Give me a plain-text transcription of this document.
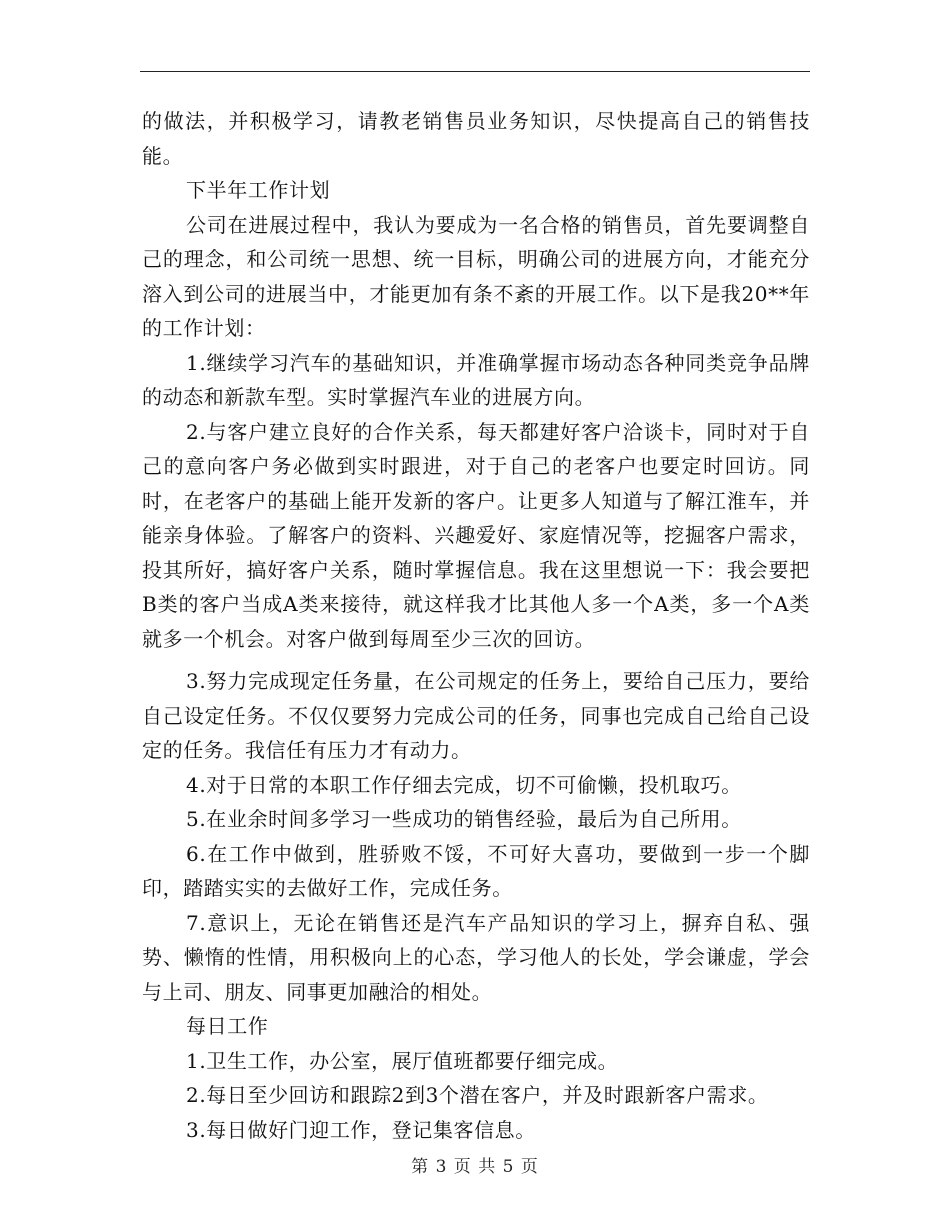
的做法，并积极学习，请教老销售员业务知识，尽快提高自己的销售技能。

下半年工作计划

公司在进展过程中，我认为要成为一名合格的销售员，首先要调整自己的理念，和公司统一思想、统一目标，明确公司的进展方向，才能充分溶入到公司的进展当中，才能更加有条不紊的开展工作。以下是我20**年的工作计划：

1.继续学习汽车的基础知识，并准确掌握市场动态各种同类竞争品牌的动态和新款车型。实时掌握汽车业的进展方向。

2.与客户建立良好的合作关系，每天都建好客户洽谈卡，同时对于自己的意向客户务必做到实时跟进，对于自己的老客户也要定时回访。同时，在老客户的基础上能开发新的客户。让更多人知道与了解江淮车，并能亲身体验。了解客户的资料、兴趣爱好、家庭情况等，挖掘客户需求，投其所好，搞好客户关系，随时掌握信息。我在这里想说一下：我会要把B类的客户当成A类来接待，就这样我才比其他人多一个A类，多一个A类就多一个机会。对客户做到每周至少三次的回访。

3.努力完成现定任务量，在公司规定的任务上，要给自己压力，要给自己设定任务。不仅仅要努力完成公司的任务，同事也完成自己给自己设定的任务。我信任有压力才有动力。

4.对于日常的本职工作仔细去完成，切不可偷懒，投机取巧。

5.在业余时间多学习一些成功的销售经验，最后为自己所用。

6.在工作中做到，胜骄败不馁，不可好大喜功，要做到一步一个脚印，踏踏实实的去做好工作，完成任务。

7.意识上，无论在销售还是汽车产品知识的学习上，摒弃自私、强势、懒惰的性情，用积极向上的心态，学习他人的长处，学会谦虚，学会与上司、朋友、同事更加融洽的相处。

每日工作

1.卫生工作，办公室，展厅值班都要仔细完成。

2.每日至少回访和跟踪2到3个潜在客户，并及时跟新客户需求。

3.每日做好门迎工作，登记集客信息。

第 3 页 共 5 页
